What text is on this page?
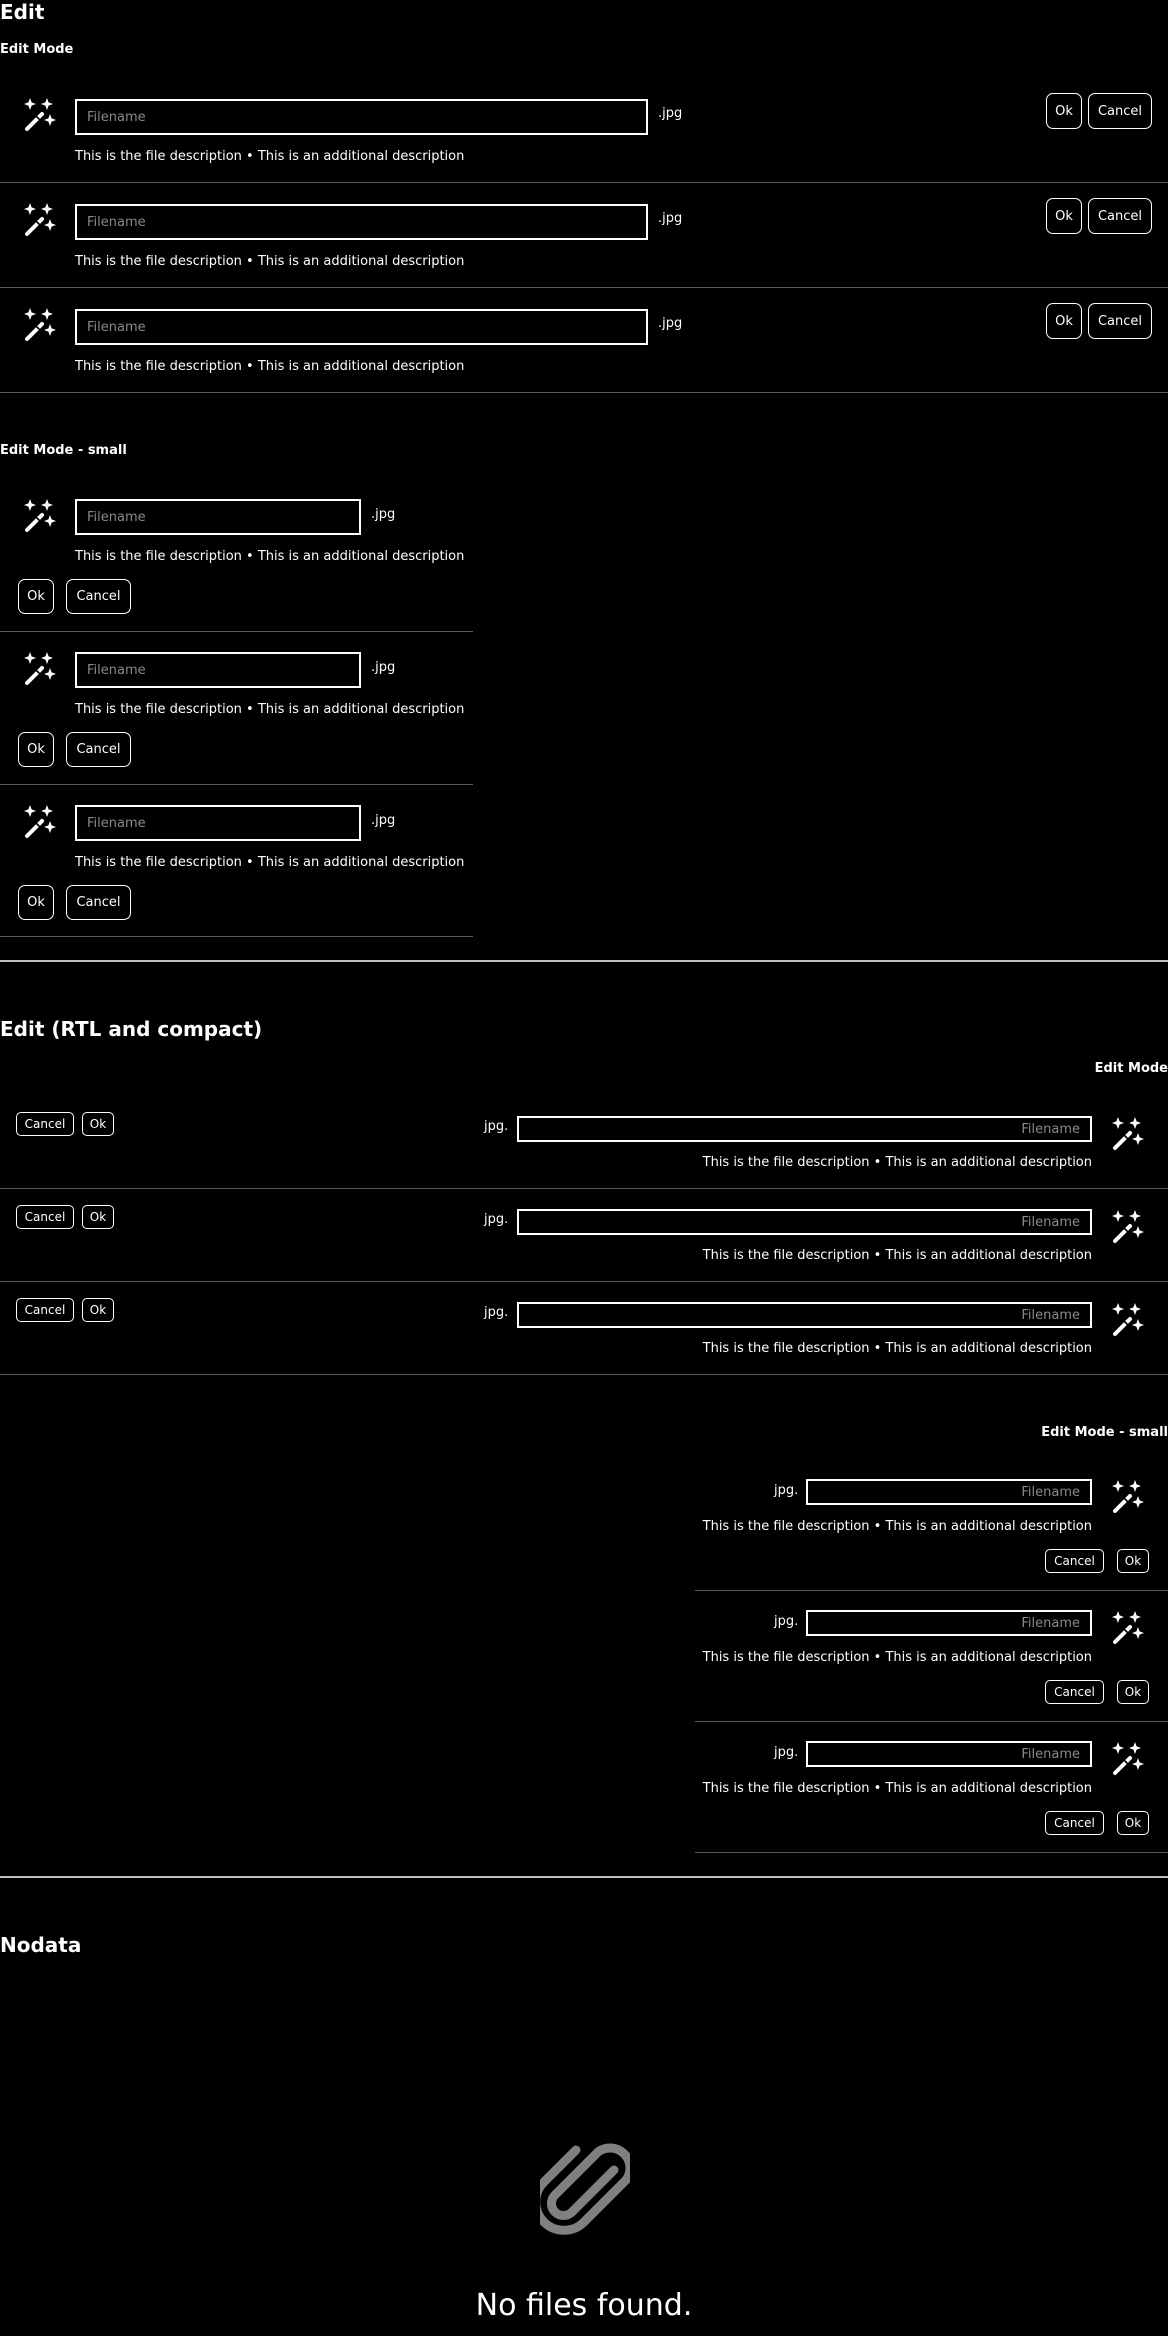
Edit
Edit Mode
Filename
.jpg	Ok	Cancel
This is the file description • This is an additional description
Filename
.jpg	Ok	Cancel
This is the file description • This is an additional description
Filename
.jpg	Ok	Cancel
This is the file description • This is an additional description
Edit Mode - small
Filename
.jpg
This is the file description • This is an additional description
Ok	Cancel
Filename
.jpg
This is the file description • This is an additional description
Ok	Cancel
Filename
.jpg
This is the file description • This is an additional description
Ok	Cancel
Edit (RTL and compact)
Edit Mode
Cancel	Ok	jpg.
Filename
This is the file description • This is an additional description
Cancel	Ok	jpg.
Filename
This is the file description • This is an additional description
Cancel	Ok	jpg.
Filename
This is the file description • This is an additional description
Edit Mode - small
jpg.
Filename
This is the file description • This is an additional description
Cancel	Ok
jpg.
Filename
This is the file description • This is an additional description
Cancel	Ok
jpg.
Filename
This is the file description • This is an additional description
Cancel	Ok
Nodata
No files found.
